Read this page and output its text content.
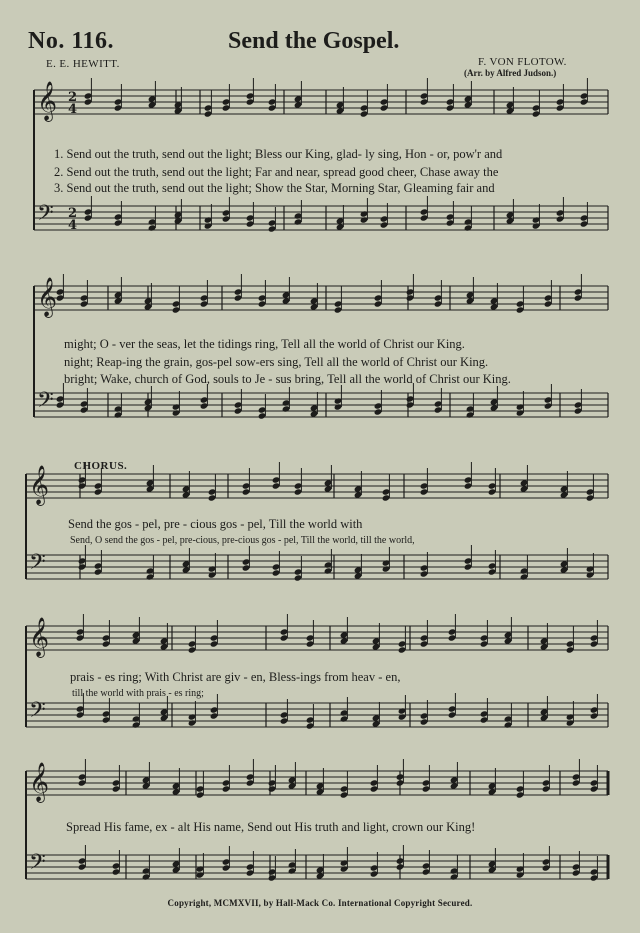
No. 116.	Send the Gospel.
E. E. HEWITT.	F. VON FLOTOW.
(Arr. by Alfred Judson.)
𝄞 2
4
𝄢 2
4
𝄞
𝄢
𝄞
𝄢
𝄞
𝄢
𝄞
𝄢
1. Send out the truth, send out the light; Bless our King, glad- ly sing, Hon - or, pow'r and
2. Send out the truth, send out the light; Far and near, spread good cheer, Chase away the
3. Send out the truth, send out the light; Show the Star, Morning Star, Gleaming fair and
might; O - ver the seas, let the tidings ring, Tell all the world of Christ our King.
night; Reap-ing the grain, gos-pel sow-ers sing, Tell all the world of Christ our King.
bright; Wake, church of God, souls to Je - sus bring, Tell all the world of Christ our King.
CHORUS.
Send the gos - pel, pre - cious gos - pel, Till the world with
Send, O send the gos - pel, pre-cious, pre-cious gos - pel, Till the world, till the world,
prais - es ring; With Christ are giv - en, Bless-ings from heav - en,
till the world with prais - es ring;
Spread His fame, ex - alt His name, Send out His truth and light, crown our King!
Copyright, MCMXVII, by Hall-Mack Co. International Copyright Secured.
